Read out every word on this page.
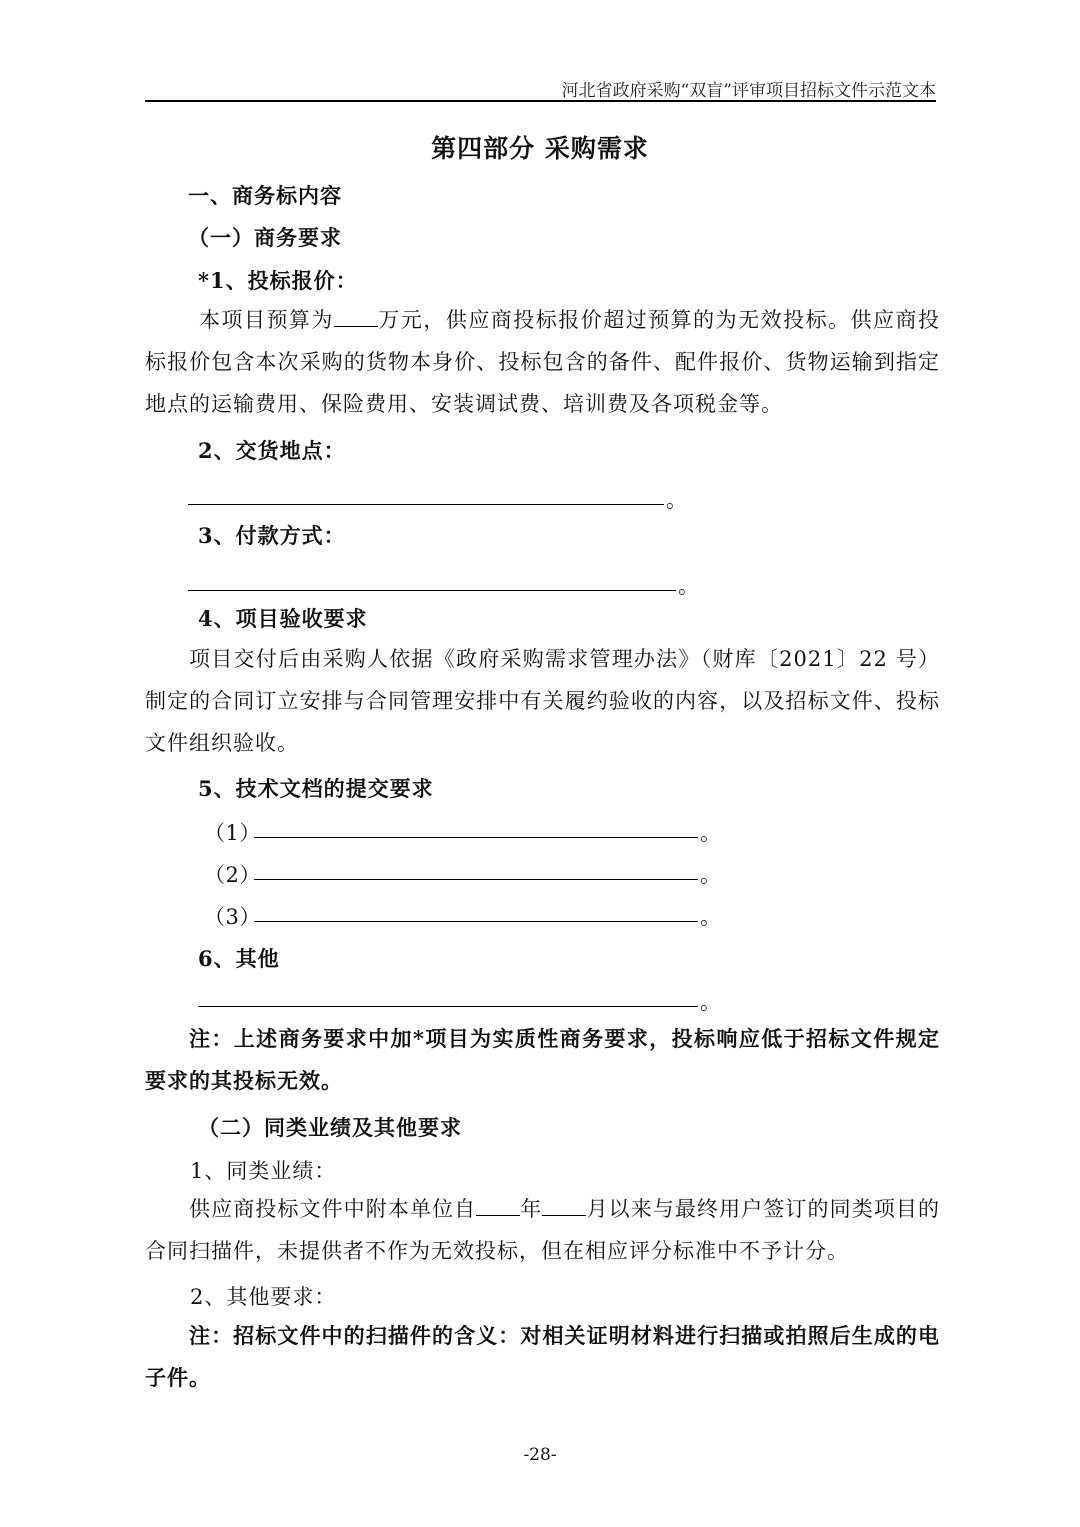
河北省政府采购“双盲”评审项目招标文件示范文本
第四部分 采购需求
一、商务标内容
（一）商务要求
*1、投标报价：
本项目预算为 万元，供应商投标报价超过预算的为无效投标。供应商投标报价包含本次采购的货物本身价、投标包含的备件、配件报价、货物运输到指定地点的运输费用、保险费用、安装调试费、培训费及各项税金等。
2、交货地点：
。
3、付款方式：
。
4、项目验收要求
项目交付后由采购人依据《政府采购需求管理办法》（财库〔2021〕22 号）制定的合同订立安排与合同管理安排中有关履约验收的内容，以及招标文件、投标文件组织验收。
5、技术文档的提交要求
（1）	。
（2）	。
（3）	。
6、其他
。
注：上述商务要求中加*项目为实质性商务要求，投标响应低于招标文件规定要求的其投标无效。
（二）同类业绩及其他要求
1、同类业绩：
供应商投标文件中附本单位自 年 月以来与最终用户签订的同类项目的合同扫描件，未提供者不作为无效投标，但在相应评分标准中不予计分。
2、其他要求：
注：招标文件中的扫描件的含义：对相关证明材料进行扫描或拍照后生成的电子件。
-28-
